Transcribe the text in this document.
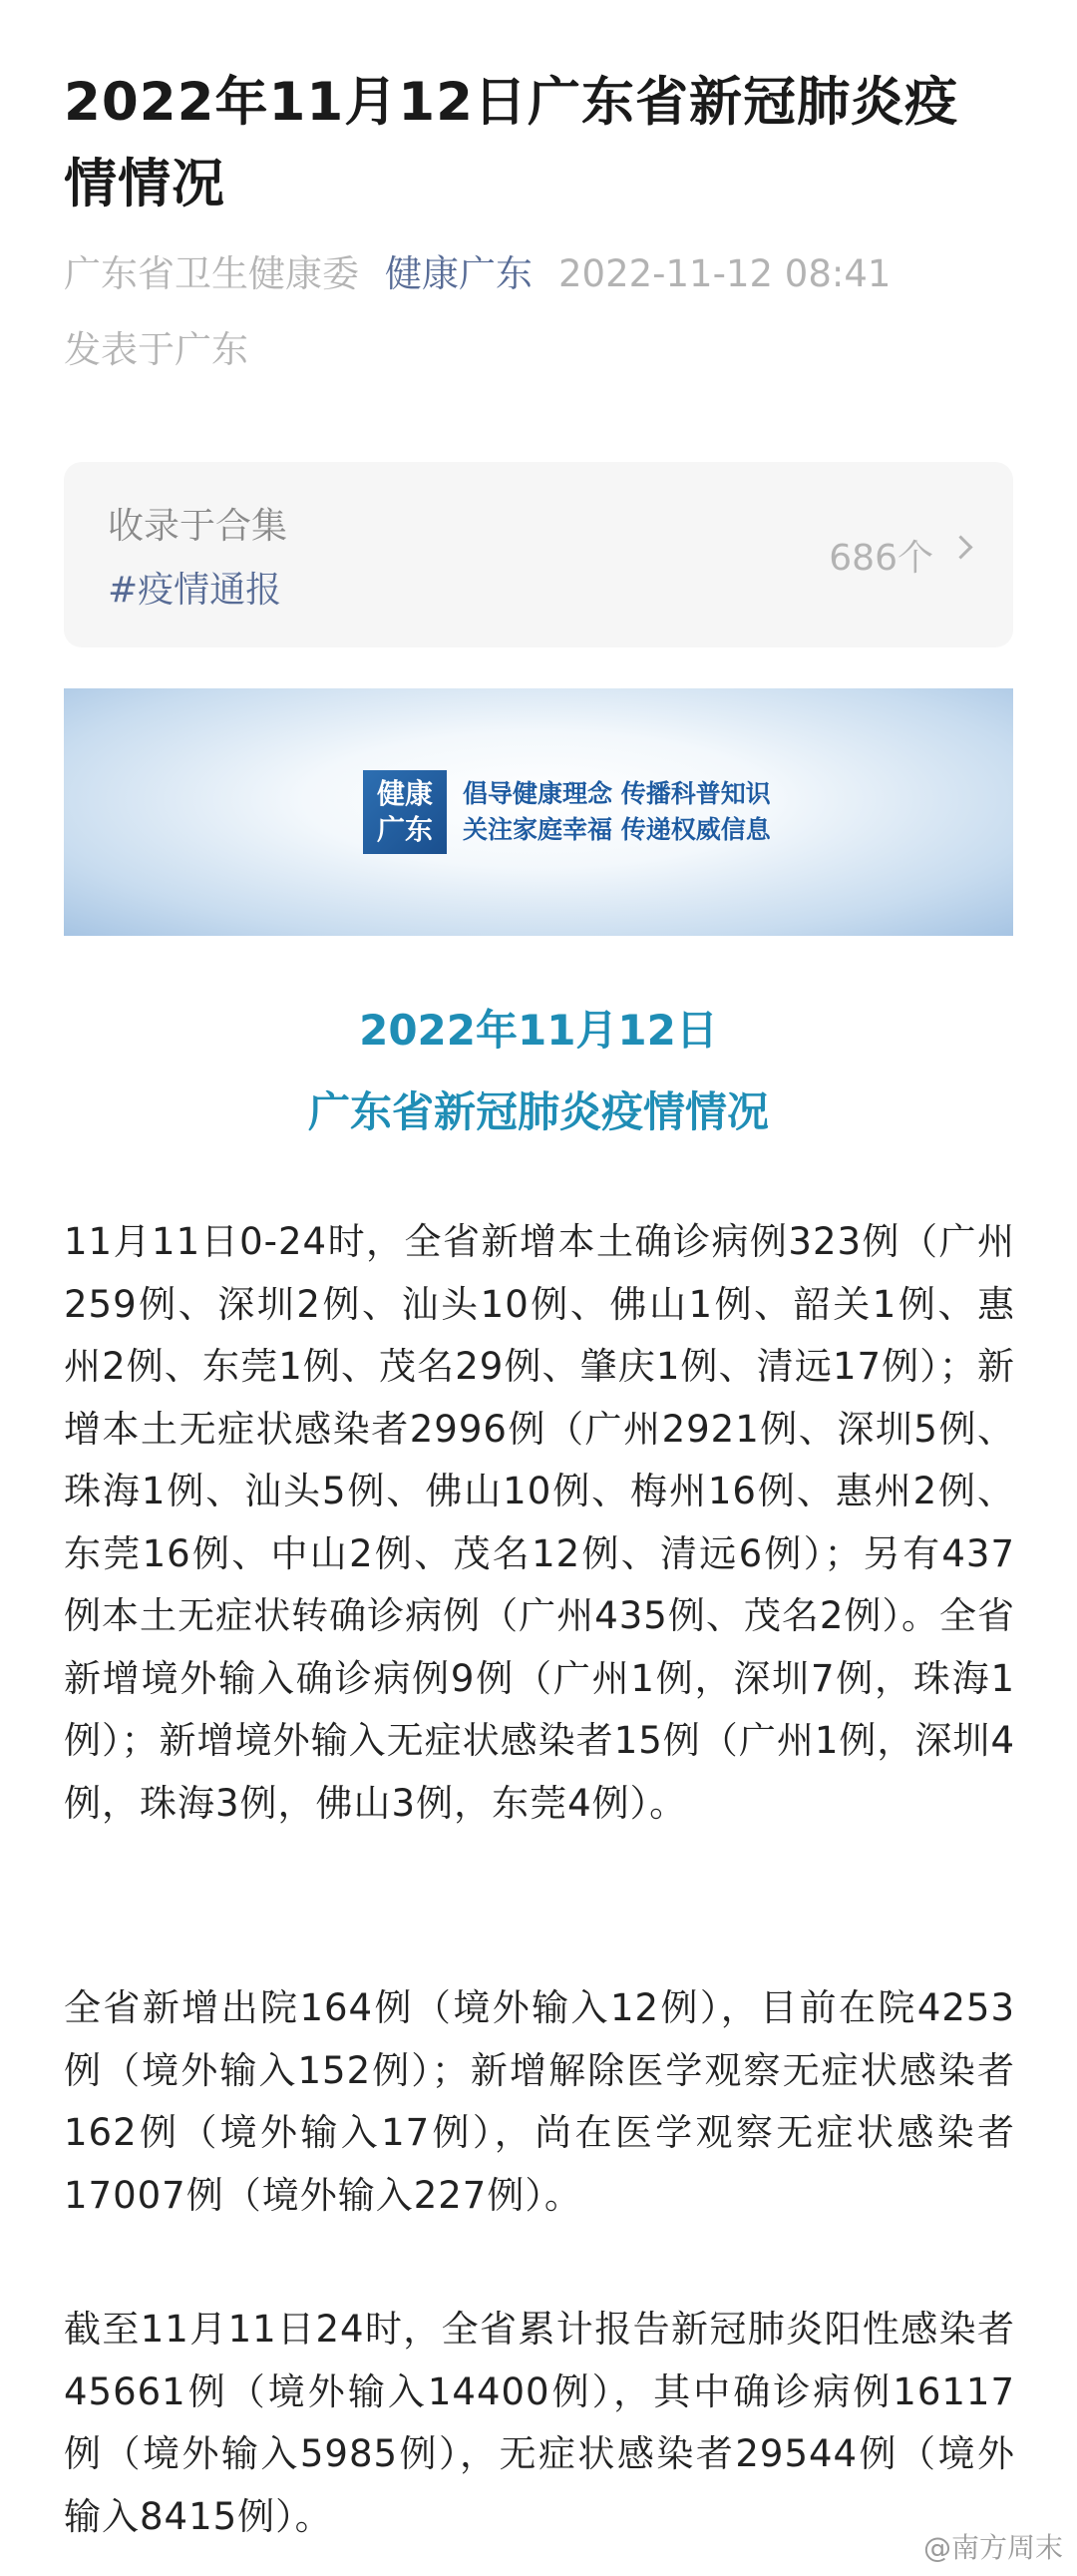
2022年11月12日广东省新冠肺炎疫情情况
广东省卫生健康委 健康广东 2022-11-12 08:41
发表于广东
收录于合集
#疫情通报
686个
健康
广东
倡导健康理念 传播科普知识
关注家庭幸福 传递权威信息
2022年11月12日
广东省新冠肺炎疫情情况
11月11日0-24时，全省新增本土确诊病例323例（广州259例、深圳2例、汕头10例、佛山1例、韶关1例、惠州2例、东莞1例、茂名29例、肇庆1例、清远17例）；新增本土无症状感染者2996例（广州2921例、深圳5例、珠海1例、汕头5例、佛山10例、梅州16例、惠州2例、东莞16例、中山2例、茂名12例、清远6例）；另有437例本土无症状转确诊病例（广州435例、茂名2例）。全省新增境外输入确诊病例9例（广州1例，深圳7例，珠海1例）；新增境外输入无症状感染者15例（广州1例，深圳4例，珠海3例，佛山3例，东莞4例）。
全省新增出院164例（境外输入12例），目前在院4253例（境外输入152例）；新增解除医学观察无症状感染者162例（境外输入17例），尚在医学观察无症状感染者17007例（境外输入227例）。
截至11月11日24时，全省累计报告新冠肺炎阳性感染者45661例（境外输入14400例），其中确诊病例16117例（境外输入5985例），无症状感染者29544例（境外输入8415例）。
@南方周末
